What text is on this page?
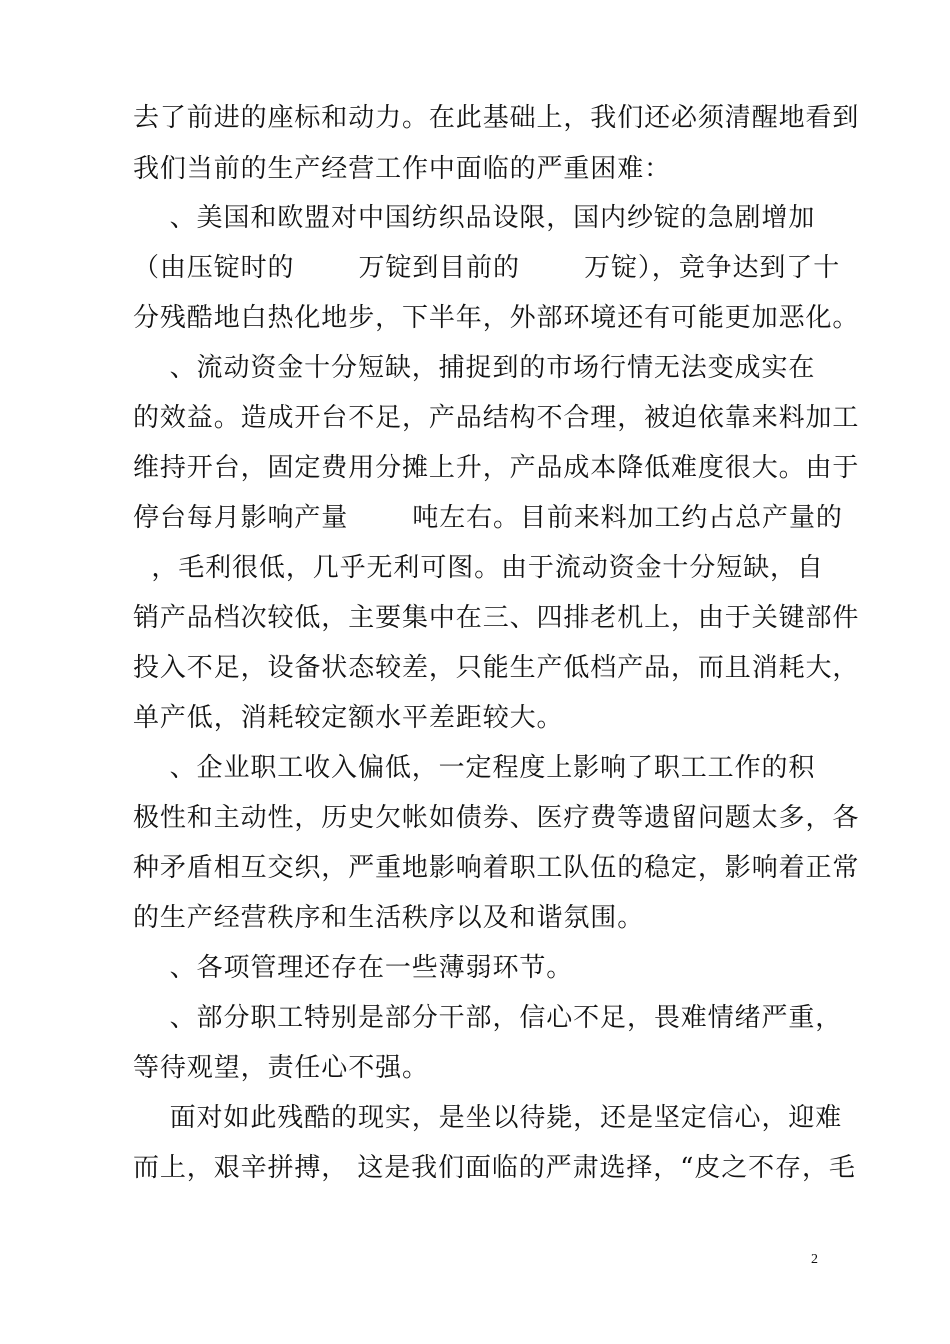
去了前进的座标和动力。在此基础上，我们还必须清醒地看到
我们当前的生产经营工作中面临的严重困难：
、美国和欧盟对中国纺织品设限，国内纱锭的急剧增加
（由压锭时的       万锭到目前的       万锭），竞争达到了十
分残酷地白热化地步，下半年，外部环境还有可能更加恶化。
、流动资金十分短缺，捕捉到的市场行情无法变成实在
的效益。造成开台不足，产品结构不合理，被迫依靠来料加工
维持开台，固定费用分摊上升，产品成本降低难度很大。由于
停台每月影响产量       吨左右。目前来料加工约占总产量的
，毛利很低，几乎无利可图。由于流动资金十分短缺，自
销产品档次较低，主要集中在三、四排老机上，由于关键部件
投入不足，设备状态较差，只能生产低档产品，而且消耗大，
单产低，消耗较定额水平差距较大。
、企业职工收入偏低，一定程度上影响了职工工作的积
极性和主动性，历史欠帐如债券、医疗费等遗留问题太多，各
种矛盾相互交织，严重地影响着职工队伍的稳定，影响着正常
的生产经营秩序和生活秩序以及和谐氛围。
、各项管理还存在一些薄弱环节。
、部分职工特别是部分干部，信心不足，畏难情绪严重，
等待观望，责任心不强。
面对如此残酷的现实，是坐以待毙，还是坚定信心，迎难
而上，艰辛拼搏， 这是我们面临的严肃选择，“皮之不存，毛
2
